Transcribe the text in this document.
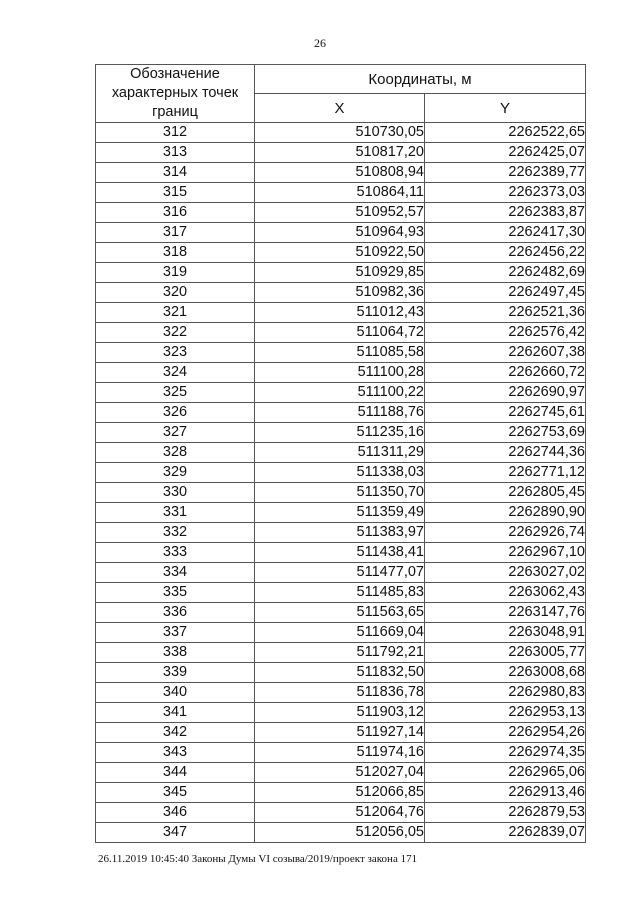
26
Обозначение характерных точек границ	Координаты, м	
	X	Y
312	510730,05	2262522,65
313	510817,20	2262425,07
314	510808,94	2262389,77
315	510864,11	2262373,03
316	510952,57	2262383,87
317	510964,93	2262417,30
318	510922,50	2262456,22
319	510929,85	2262482,69
320	510982,36	2262497,45
321	511012,43	2262521,36
322	511064,72	2262576,42
323	511085,58	2262607,38
324	511100,28	2262660,72
325	511100,22	2262690,97
326	511188,76	2262745,61
327	511235,16	2262753,69
328	511311,29	2262744,36
329	511338,03	2262771,12
330	511350,70	2262805,45
331	511359,49	2262890,90
332	511383,97	2262926,74
333	511438,41	2262967,10
334	511477,07	2263027,02
335	511485,83	2263062,43
336	511563,65	2263147,76
337	511669,04	2263048,91
338	511792,21	2263005,77
339	511832,50	2263008,68
340	511836,78	2262980,83
341	511903,12	2262953,13
342	511927,14	2262954,26
343	511974,16	2262974,35
344	512027,04	2262965,06
345	512066,85	2262913,46
346	512064,76	2262879,53
347	512056,05	2262839,07
26.11.2019 10:45:40 Законы Думы VI созыва/2019/проект закона 171
